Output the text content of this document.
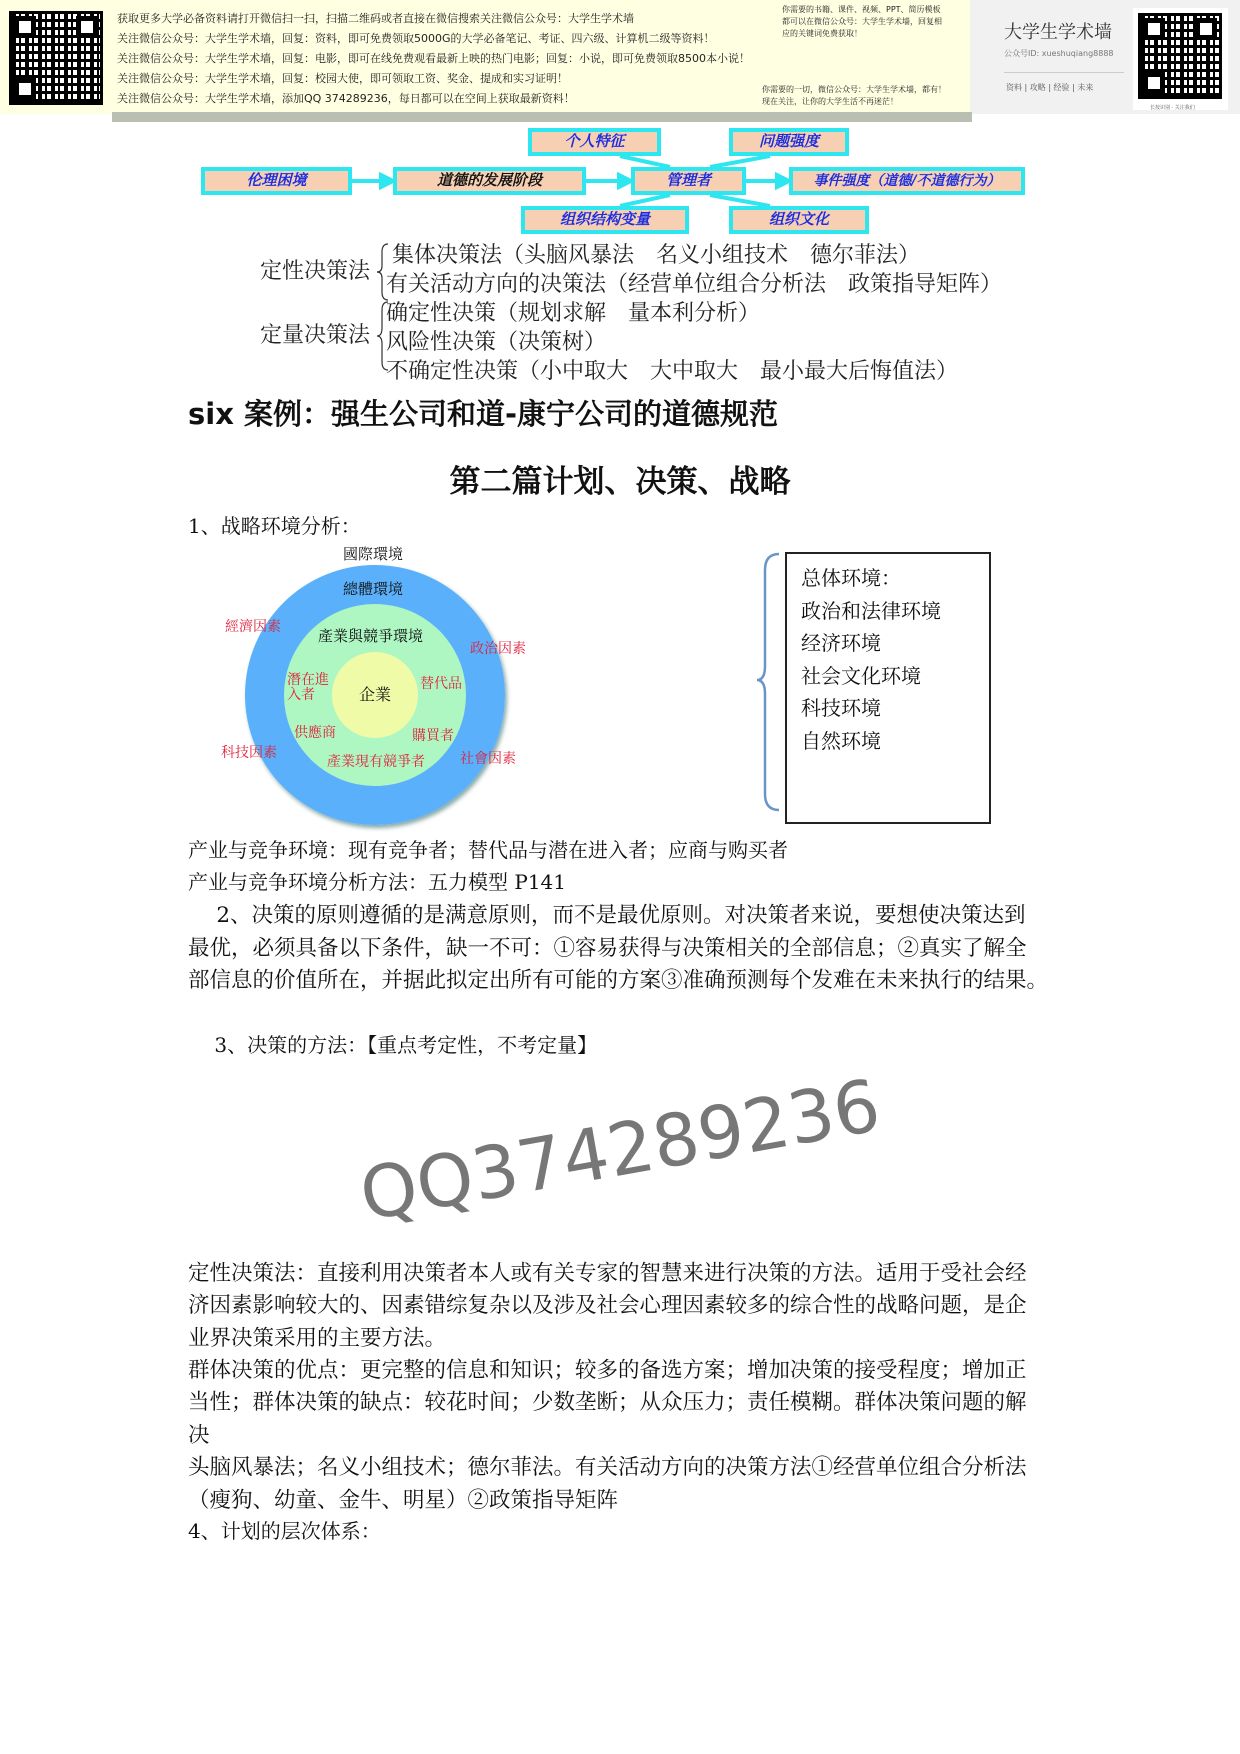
获取更多大学必备资料请打开微信扫一扫，扫描二维码或者直接在微信搜索关注微信公众号：大学生学术墙
关注微信公众号：大学生学术墙，回复：资料，即可免费领取5000G的大学必备笔记、考证、四六级、计算机二级等资料！
关注微信公众号：大学生学术墙，回复：电影，即可在线免费观看最新上映的热门电影；回复：小说，即可免费领取8500本小说！
关注微信公众号：大学生学术墙，回复：校园大使，即可领取工资、奖金、提成和实习证明！
关注微信公众号：大学生学术墙，添加QQ 374289236，每日都可以在空间上获取最新资料！
你需要的书籍、课件、视频、PPT、简历模板
都可以在微信公众号：大学生学术墙，回复相
应的关键词免费获取！
你需要的一切，微信公众号：大学生学术墙，都有！
现在关注，让你的大学生活不再迷茫！
大学生学术墙
公众号ID: xueshuqiang8888
资料 | 攻略 | 经验 | 未来
长按识别 · 关注我们
个人特征	问题强度
伦理困境	道德的发展阶段	管理者	事件强度（道德/不道德行为）
组织结构变量	组织文化
定性决策法
集体决策法（头脑风暴法　名义小组技术　德尔菲法）
有关活动方向的决策法（经营单位组合分析法　政策指导矩阵）
定量决策法
确定性决策（规划求解　量本利分析）
风险性决策（决策树）
不确定性决策（小中取大　大中取大　最小最大后悔值法）
six 案例：强生公司和道-康宁公司的道德规范
第二篇计划、决策、战略
1、战略环境分析：
國際環境
總體環境
產業與競爭環境
企業
經濟因素
政治因素
科技因素	社會因素
潛在進入者
替代品
供應商	購買者
產業現有競爭者
总体环境：
政治和法律环境
经济环境
社会文化环境
科技环境
自然环境
产业与竞争环境：现有竞争者；替代品与潜在进入者；应商与购买者
产业与竞争环境分析方法：五力模型 P141
　 2、决策的原则遵循的是满意原则，而不是最优原则。对决策者来说，要想使决策达到
最优，必须具备以下条件，缺一不可：①容易获得与决策相关的全部信息；②真实了解全
部信息的价值所在，并据此拟定出所有可能的方案③准确预测每个发难在未来执行的结果。
　 3、决策的方法：【重点考定性，不考定量】
QQ374289236
定性决策法：直接利用决策者本人或有关专家的智慧来进行决策的方法。适用于受社会经
济因素影响较大的、因素错综复杂以及涉及社会心理因素较多的综合性的战略问题，是企
业界决策采用的主要方法。
群体决策的优点：更完整的信息和知识；较多的备选方案；增加决策的接受程度；增加正
当性；群体决策的缺点：较花时间；少数垄断；从众压力；责任模糊。群体决策问题的解
决
头脑风暴法；名义小组技术；德尔菲法。有关活动方向的决策方法①经营单位组合分析法
（瘦狗、幼童、金牛、明星）②政策指导矩阵
4、计划的层次体系：
